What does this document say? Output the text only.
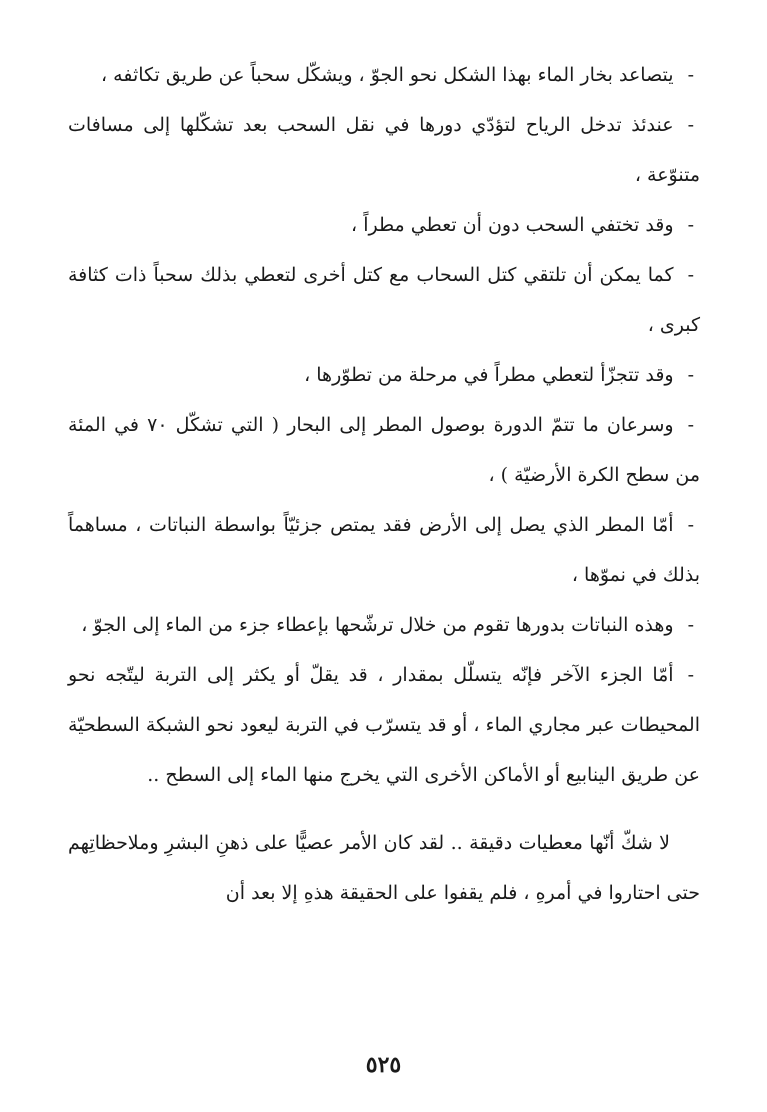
-يتصاعد بخار الماء بهذا الشكل نحو الجوّ ، ويشكّل سحباً عن طريق تكاثفه ،

-عندئذ تدخل الرياح لتؤدّي دورها في نقل السحب بعد تشكّلها إلى مسافات متنوّعة ،

-وقد تختفي السحب دون أن تعطي مطراً ،

-كما يمكن أن تلتقي كتل السحاب مع كتل أخرى لتعطي بذلك سحباً ذات كثافة كبرى ،

-وقد تتجزّأ لتعطي مطراً في مرحلة من تطوّرها ،

-وسرعان ما تتمّ الدورة بوصول المطر إلى البحار ( التي تشكّل ٧٠ في المئة من سطح الكرة الأرضيّة ) ،

-أمّا المطر الذي يصل إلى الأرض فقد يمتص جزئيّاً بواسطة النباتات ، مساهماً بذلك في نموّها ،

-وهذه النباتات بدورها تقوم من خلال ترشّحها بإعطاء جزء من الماء إلى الجوّ ،

-أمّا الجزء الآخر فإنّه يتسلّل بمقدار ، قد يقلّ أو يكثر إلى التربة ليتّجه نحو المحيطات عبر مجاري الماء ، أو قد يتسرّب في التربة ليعود نحو الشبكة السطحيّة عن طريق الينابيع أو الأماكن الأخرى التي يخرج منها الماء إلى السطح ..

لا شكّ أنّها معطيات دقيقة .. لقد كان الأمر عصيًّا على ذهنِ البشرِ وملاحظاتِهم حتى احتاروا في أمرهِ ، فلم يقفوا على الحقيقة هذهِ إلا بعد أن

٥٢٥
